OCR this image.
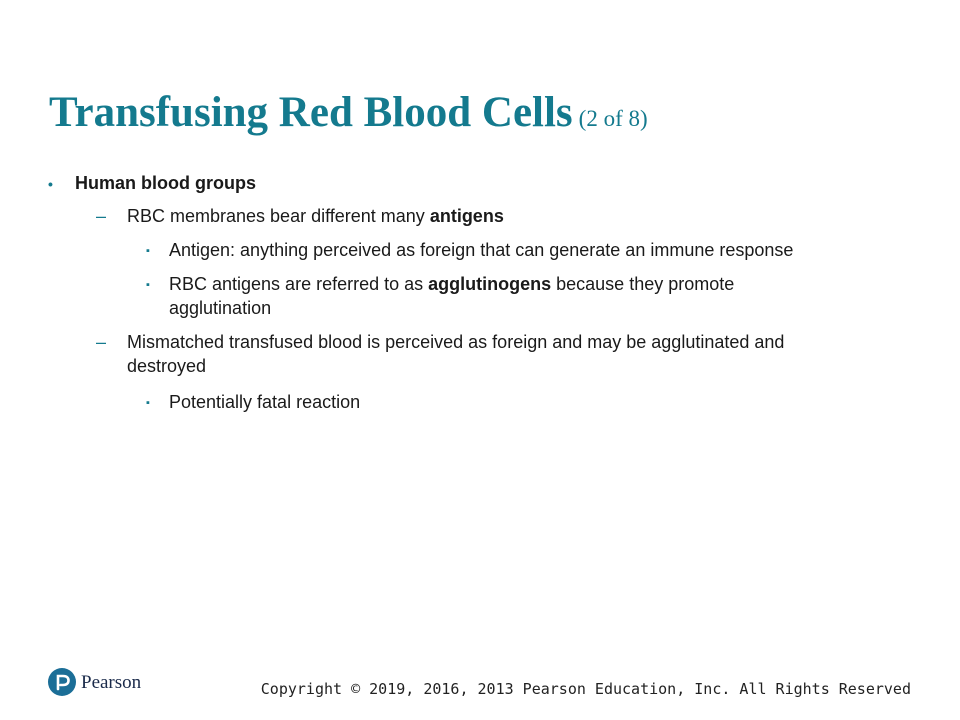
Transfusing Red Blood Cells (2 of 8)
• Human blood groups
– RBC membranes bear different many antigens
▪ Antigen: anything perceived as foreign that can generate an immune response
▪ RBC antigens are referred to as agglutinogens because they promote
agglutination
– Mismatched transfused blood is perceived as foreign and may be agglutinated and
destroyed
▪ Potentially fatal reaction
Pearson	Copyright © 2019, 2016, 2013 Pearson Education, Inc. All Rights Reserved
